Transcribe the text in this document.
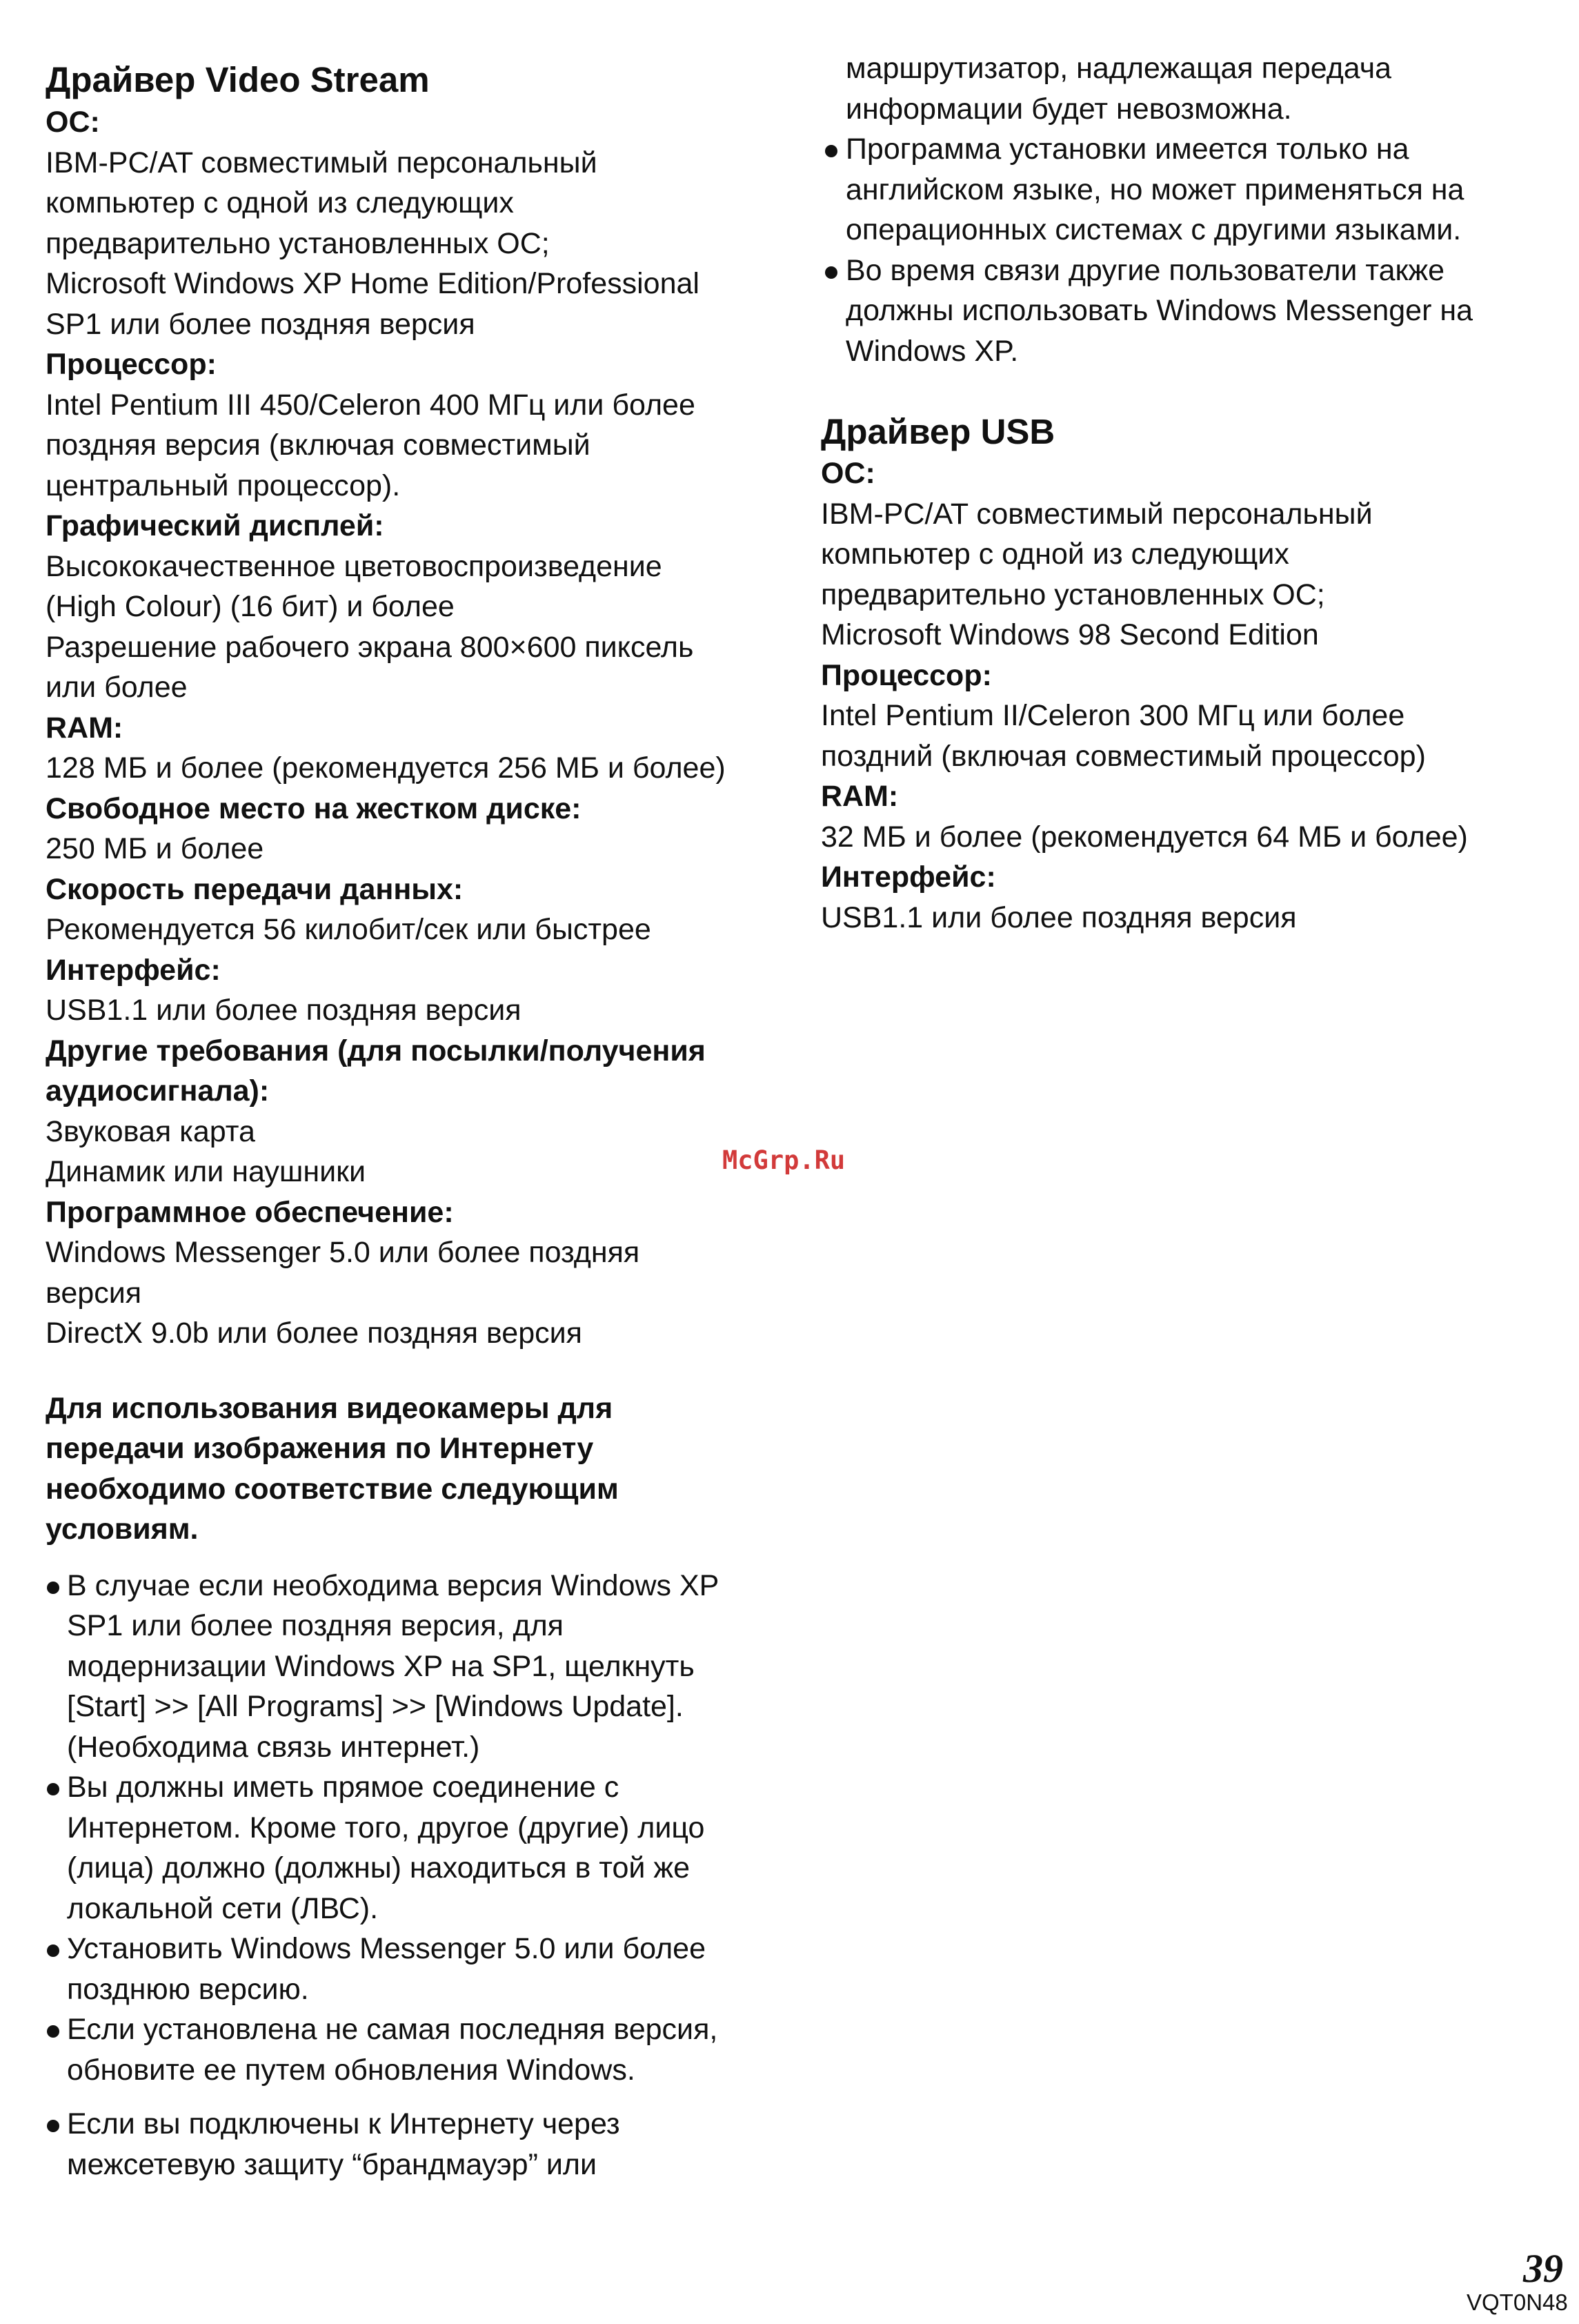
Драйвер Video Stream
ОС:
IBM-PC/AT совместимый персональный
компьютер с одной из следующих
предварительно установленных ОС;
Microsoft Windows XP Home Edition/Professional
SP1 или более поздняя версия
Процессор:
Intel Pentium III 450/Celeron 400 МГц или более
поздняя версия (включая совместимый
центральный процессор).
Графический дисплей:
Высококачественное цветовоспроизведение
(High Colour) (16 бит) и более
Разрешение рабочего экрана 800×600 пиксель
или более
RAM:
128 МБ и более (рекомендуется 256 МБ и более)
Свободное место на жестком диске:
250 МБ и более
Скорость передачи данных:
Рекомендуется 56 килобит/сек или быстрее
Интерфейс:
USB1.1 или более поздняя версия
Другие требования (для посылки/получения
аудиосигнала):
Звуковая карта
Динамик или наушники
Программное обеспечение:
Windows Messenger 5.0 или более поздняя
версия
DirectX 9.0b или более поздняя версия
Для использования видеокамеры для
передачи изображения по Интернету
необходимо соответствие следующим
условиям.
В случае если необходима версия Windows XP
SP1 или более поздняя версия, для
модернизации Windows XP на SP1, щелкнуть
[Start] >> [All Programs] >> [Windows Update].
(Необходима связь интернет.)
Вы должны иметь прямое соединение с
Интернетом. Кроме того, другое (другие) лицо
(лица) должно (должны) находиться в той же
локальной сети (ЛВС).
Установить Windows Messenger 5.0 или более
позднюю версию.
Если установлена не самая последняя версия,
обновите ее путем обновления Windows.
Если вы подключены к Интернету через
межсетевую защиту “брандмауэр” или
маршрутизатор, надлежащая передача
информации будет невозможна.
Программа установки имеется только на
английском языке, но может применяться на
операционных системах с другими языками.
Во время связи другие пользователи также
должны использовать Windows Messenger на
Windows XP.
Драйвер USB
ОС:
IBM-PC/AT совместимый персональный
компьютер с одной из следующих
предварительно установленных ОС;
Microsoft Windows 98 Second Edition
Процессор:
Intel Pentium II/Celeron 300 МГц или более
поздний (включая совместимый процессор)
RAM:
32 МБ и более (рекомендуется 64 МБ и более)
Интерфейс:
USB1.1 или более поздняя версия
McGrp.Ru
39
VQT0N48
